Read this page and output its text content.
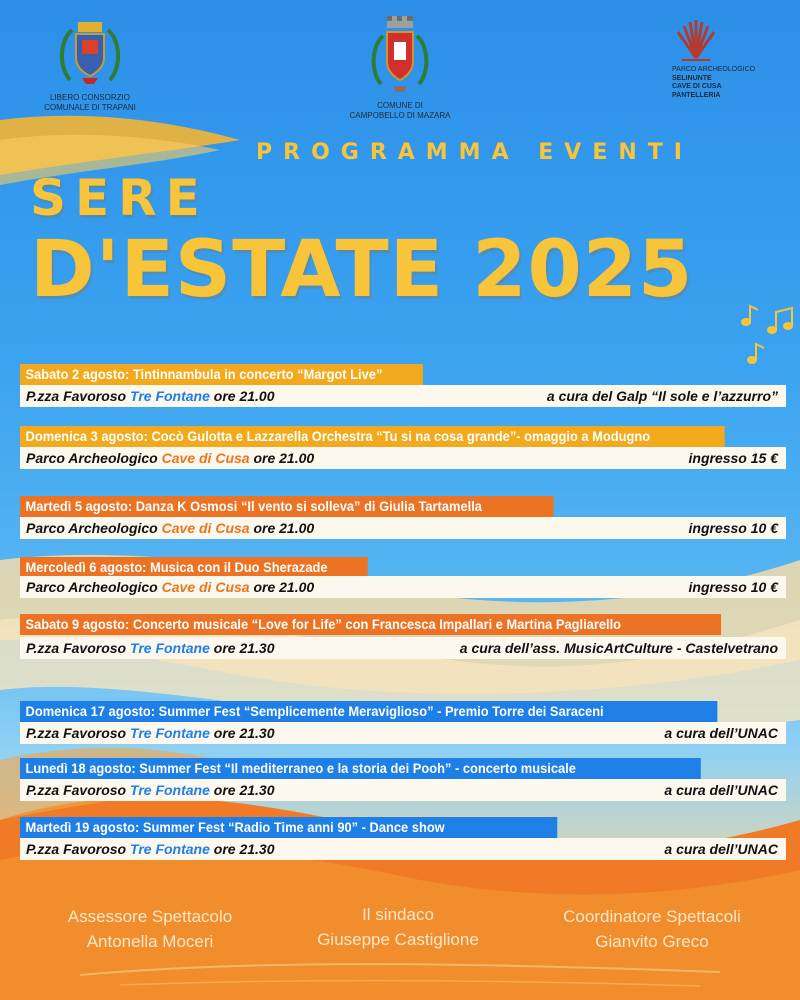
LIBERO CONSORZIO
COMUNALE DI TRAPANI	COMUNE DI
CAMPOBELLO DI MAZARA
PARCO ARCHEOLOGICO
SELINUNTE
CAVE DI CUSA
PANTELLERIA
PROGRAMMA EVENTI
SERE
D'ESTATE 2025
Sabato 2 agosto: Tintinnambula in concerto “Margot Live”
P.zza Favoroso Tre Fontane ore 21.00	a cura del Galp “Il sole e l’azzurro”
Domenica 3 agosto: Cocò Gulotta e Lazzarella Orchestra “Tu si na cosa grande”- omaggio a Modugno
Parco Archeologico Cave di Cusa ore 21.00	ingresso 15 €
Martedì 5 agosto: Danza K Osmosi “Il vento si solleva” di Giulia Tartamella
Parco Archeologico Cave di Cusa ore 21.00	ingresso 10 €
Mercoledì 6 agosto: Musica con il Duo Sherazade
Parco Archeologico Cave di Cusa ore 21.00	ingresso 10 €
Sabato 9 agosto: Concerto musicale “Love for Life” con Francesca Impallari e Martina Pagliarello
P.zza Favoroso Tre Fontane ore 21.30	a cura dell’ass. MusicArtCulture - Castelvetrano
Domenica 17 agosto: Summer Fest “Semplicemente Meraviglioso” - Premio Torre dei Saraceni
P.zza Favoroso Tre Fontane ore 21.30	a cura dell’UNAC
Lunedì 18 agosto: Summer Fest “Il mediterraneo e la storia dei Pooh” - concerto musicale
P.zza Favoroso Tre Fontane ore 21.30	a cura dell’UNAC
Martedì 19 agosto: Summer Fest “Radio Time anni 90” - Dance show
P.zza Favoroso Tre Fontane ore 21.30	a cura dell’UNAC
Assessore Spettacolo
Antonella Moceri
Il sindaco
Giuseppe Castiglione
Coordinatore Spettacoli
Gianvito Greco
